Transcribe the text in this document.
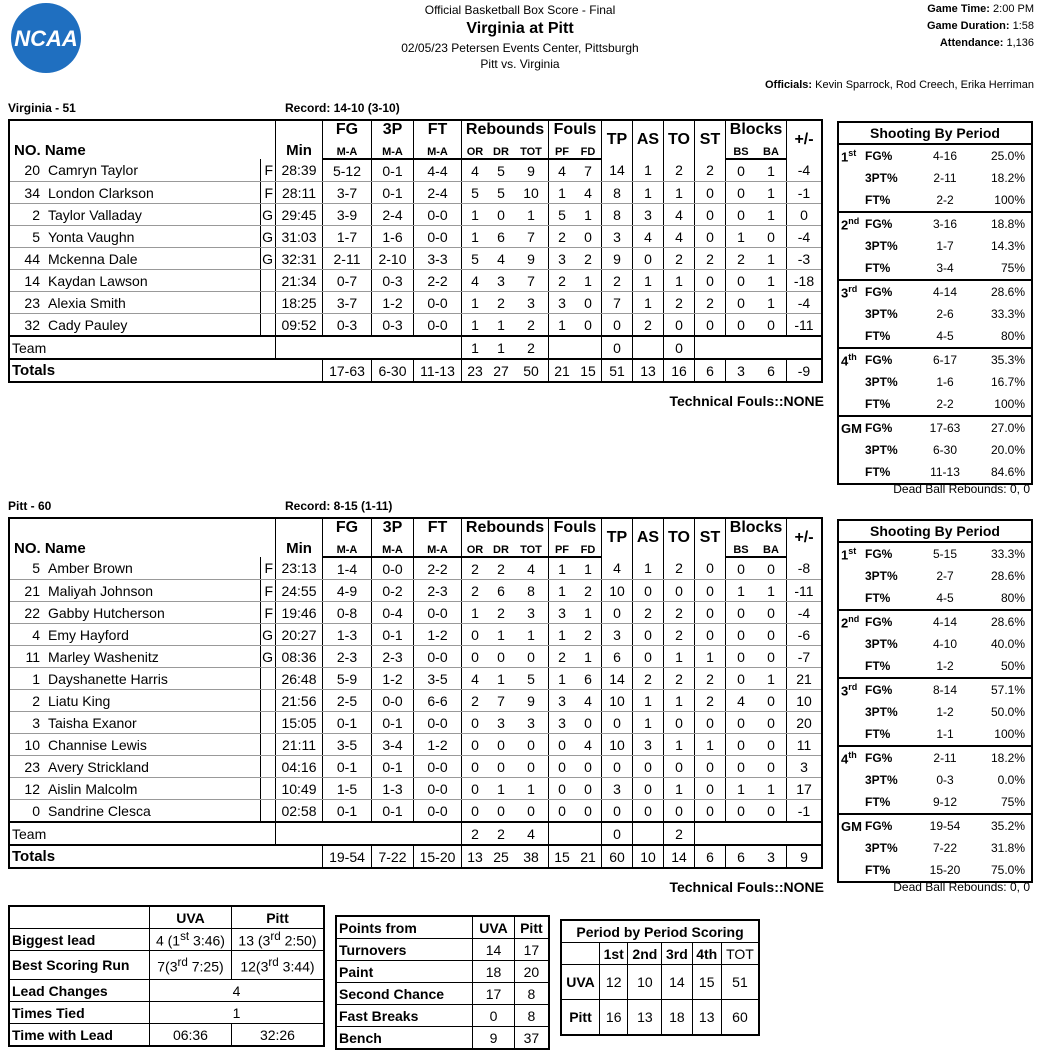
NCAA
Official Basketball Box Score - Final
Virginia at Pitt
02/05/23 Petersen Events Center, Pittsburgh
Pitt vs. Virginia
Game Time: 2:00 PM
Game Duration: 1:58
Attendance: 1,136
Officials: Kevin Sparrock, Rod Creech, Erika Herriman
Virginia - 51	Record: 14-10 (3-10)
NO. Name			Min	FG	3P	FT	Rebounds			Fouls		TP	AS	TO	ST	Blocks		+/-
				M-A	M-A	M-A	OR	DR	TOT	PF	FD					BS	BA	
20	Camryn Taylor	F	28:39	5-12	0-1	4-4	4	5	9	4	7	14	1	2	2	0	1	-4
34	London Clarkson	F	28:11	3-7	0-1	2-4	5	5	10	1	4	8	1	1	0	0	1	-1
2	Taylor Valladay	G	29:45	3-9	2-4	0-0	1	0	1	5	1	8	3	4	0	0	1	0
5	Yonta Vaughn	G	31:03	1-7	1-6	0-0	1	6	7	2	0	3	4	4	0	1	0	-4
44	Mckenna Dale	G	32:31	2-11	2-10	3-3	5	4	9	3	2	9	0	2	2	2	1	-3
14	Kaydan Lawson		21:34	0-7	0-3	2-2	4	3	7	2	1	2	1	1	0	0	1	-18
23	Alexia Smith		18:25	3-7	1-2	0-0	1	2	3	3	0	7	1	2	2	0	1	-4
32	Cady Pauley		09:52	0-3	0-3	0-0	1	1	2	1	0	0	2	0	0	0	0	-11
Team							1	1	2			0		0				
Totals				17-63	6-30	11-13	23	27	50	21	15	51	13	16	6	3	6	-9
Technical Fouls::NONE
Shooting By Period
1st FG%	4-16	25.0%
3PT%	2-11	18.2%
FT%	2-2	100%
2nd FG%	3-16	18.8%
3PT%	1-7	14.3%
FT%	3-4	75%
3rd FG%	4-14	28.6%
3PT%	2-6	33.3%
FT%	4-5	80%
4th FG%	6-17	35.3%
3PT%	1-6	16.7%
FT%	2-2	100%
GM FG%	17-63	27.0%
3PT%	6-30	20.0%
FT%	11-13	84.6%
Dead Ball Rebounds: 0, 0
Pitt - 60	Record: 8-15 (1-11)
NO. Name			Min	FG	3P	FT	Rebounds			Fouls		TP	AS	TO	ST	Blocks		+/-
				M-A	M-A	M-A	OR	DR	TOT	PF	FD					BS	BA	
5	Amber Brown	F	23:13	1-4	0-0	2-2	2	2	4	1	1	4	1	2	0	0	0	-8
21	Maliyah Johnson	F	24:55	4-9	0-2	2-3	2	6	8	1	2	10	0	0	0	1	1	-11
22	Gabby Hutcherson	F	19:46	0-8	0-4	0-0	1	2	3	3	1	0	2	2	0	0	0	-4
4	Emy Hayford	G	20:27	1-3	0-1	1-2	0	1	1	1	2	3	0	2	0	0	0	-6
11	Marley Washenitz	G	08:36	2-3	2-3	0-0	0	0	0	2	1	6	0	1	1	0	0	-7
1	Dayshanette Harris		26:48	5-9	1-2	3-5	4	1	5	1	6	14	2	2	2	0	1	21
2	Liatu King		21:56	2-5	0-0	6-6	2	7	9	3	4	10	1	1	2	4	0	10
3	Taisha Exanor		15:05	0-1	0-1	0-0	0	3	3	3	0	0	1	0	0	0	0	20
10	Channise Lewis		21:11	3-5	3-4	1-2	0	0	0	0	4	10	3	1	1	0	0	11
23	Avery Strickland		04:16	0-1	0-1	0-0	0	0	0	0	0	0	0	0	0	0	0	3
12	Aislin Malcolm		10:49	1-5	1-3	0-0	0	1	1	0	0	3	0	1	0	1	1	17
0	Sandrine Clesca		02:58	0-1	0-1	0-0	0	0	0	0	0	0	0	0	0	0	0	-1
Team							2	2	4			0		2				
Totals				19-54	7-22	15-20	13	25	38	15	21	60	10	14	6	6	3	9
Technical Fouls::NONE
Shooting By Period
1st FG%	5-15	33.3%
3PT%	2-7	28.6%
FT%	4-5	80%
2nd FG%	4-14	28.6%
3PT%	4-10	40.0%
FT%	1-2	50%
3rd FG%	8-14	57.1%
3PT%	1-2	50.0%
FT%	1-1	100%
4th FG%	2-11	18.2%
3PT%	0-3	0.0%
FT%	9-12	75%
GM FG%	19-54	35.2%
3PT%	7-22	31.8%
FT%	15-20	75.0%
Dead Ball Rebounds: 0, 0
	UVA	Pitt
Biggest lead	4 (1st 3:46)	13 (3rd 2:50)
Best Scoring Run	7(3rd 7:25)	12(3rd 3:44)
Lead Changes	4	
Times Tied	1	
Time with Lead	06:36	32:26
Points from	UVA	Pitt
Turnovers	14	17
Paint	18	20
Second Chance	17	8
Fast Breaks	0	8
Bench	9	37
Period by Period Scoring					
	1st	2nd	3rd	4th	TOT
UVA	12	10	14	15	51
Pitt	16	13	18	13	60
